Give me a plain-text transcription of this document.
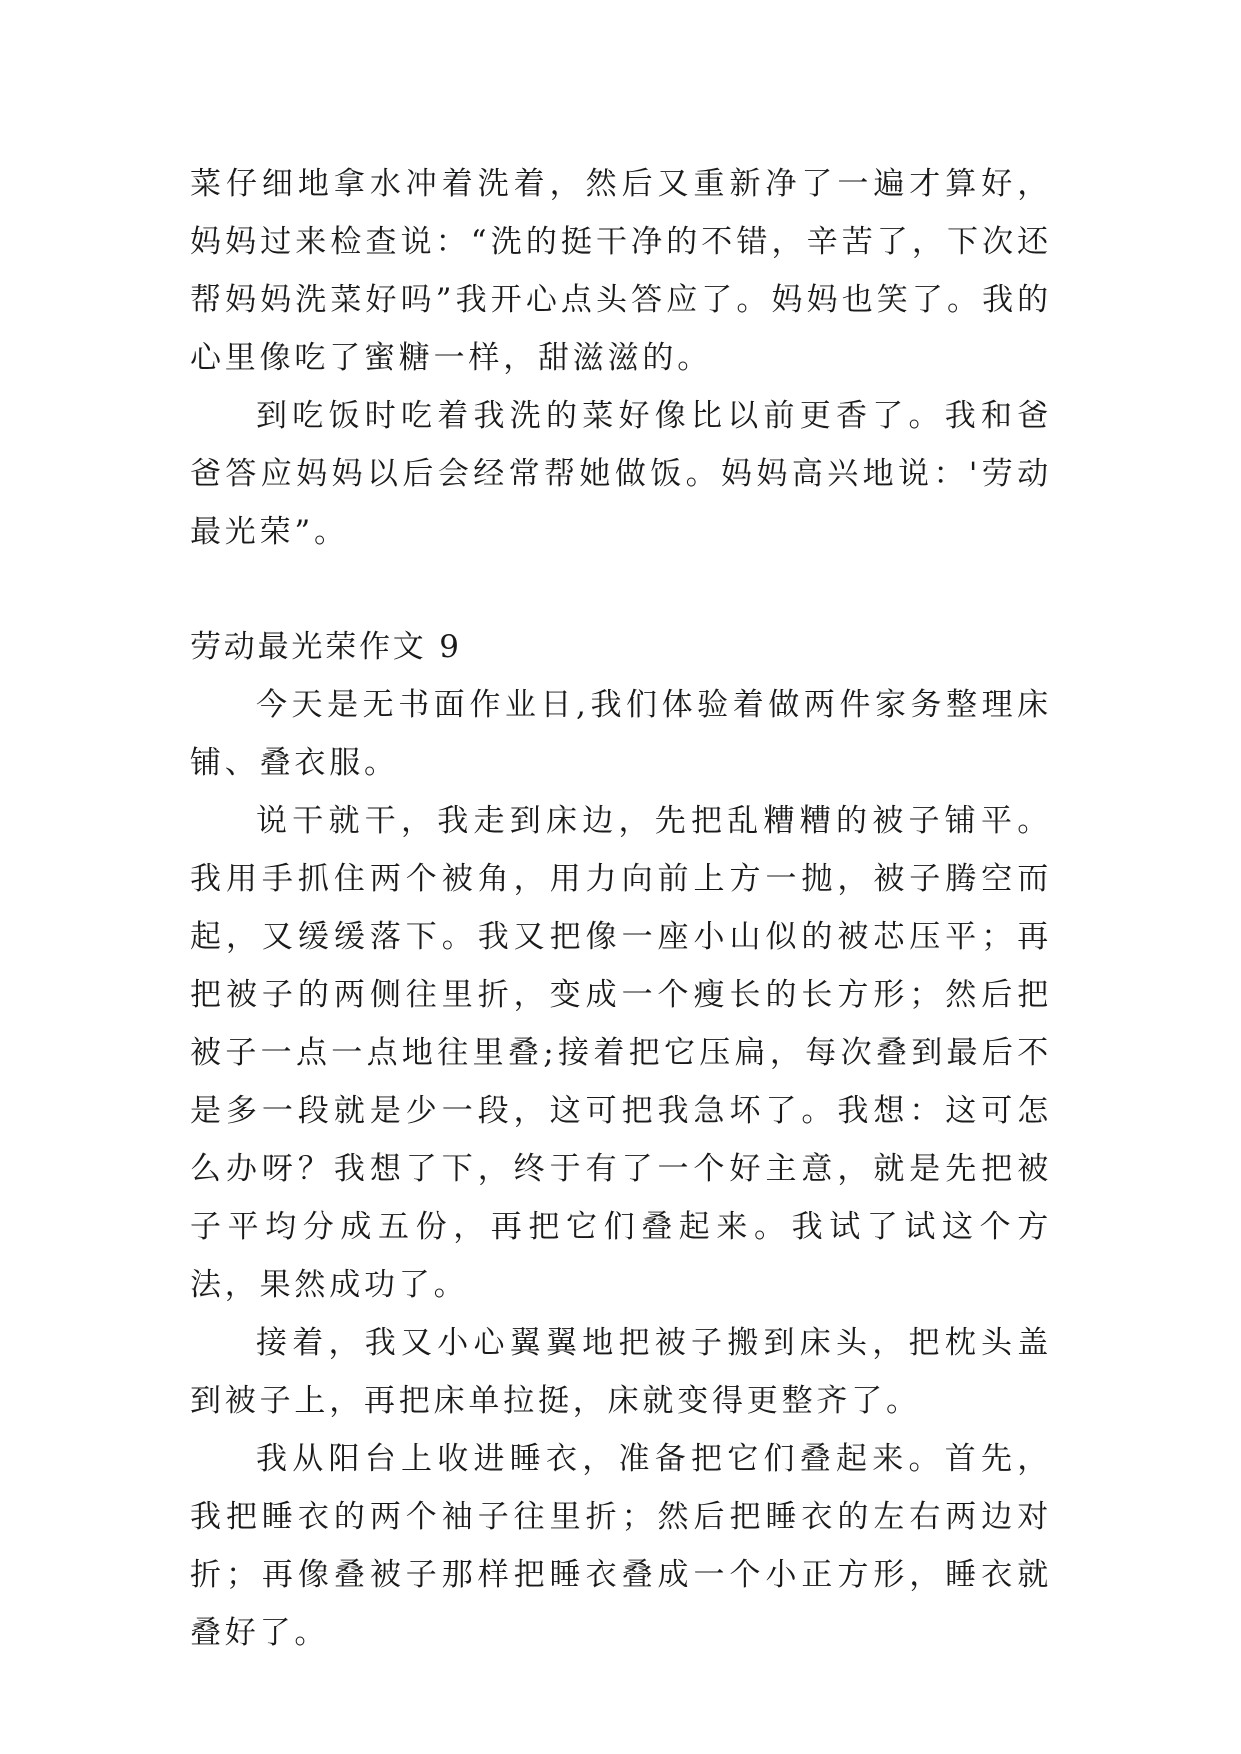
菜仔细地拿水冲着洗着，然后又重新净了一遍才算好，妈妈过来检查说：“洗的挺干净的不错，辛苦了，下次还帮妈妈洗菜好吗”我开心点头答应了。妈妈也笑了。我的心里像吃了蜜糖一样，甜滋滋的。

到吃饭时吃着我洗的菜好像比以前更香了。我和爸爸答应妈妈以后会经常帮她做饭。妈妈高兴地说：'劳动最光荣”。

劳动最光荣作文 9

今天是无书面作业日,我们体验着做两件家务整理床铺、叠衣服。

说干就干，我走到床边，先把乱糟糟的被子铺平。我用手抓住两个被角，用力向前上方一抛，被子腾空而起，又缓缓落下。我又把像一座小山似的被芯压平；再把被子的两侧往里折，变成一个瘦长的长方形；然后把被子一点一点地往里叠;接着把它压扁，每次叠到最后不是多一段就是少一段，这可把我急坏了。我想：这可怎么办呀？我想了下，终于有了一个好主意，就是先把被子平均分成五份，再把它们叠起来。我试了试这个方法，果然成功了。

接着，我又小心翼翼地把被子搬到床头，把枕头盖到被子上，再把床单拉挺，床就变得更整齐了。

我从阳台上收进睡衣，准备把它们叠起来。首先，我把睡衣的两个袖子往里折；然后把睡衣的左右两边对折；再像叠被子那样把睡衣叠成一个小正方形，睡衣就叠好了。
